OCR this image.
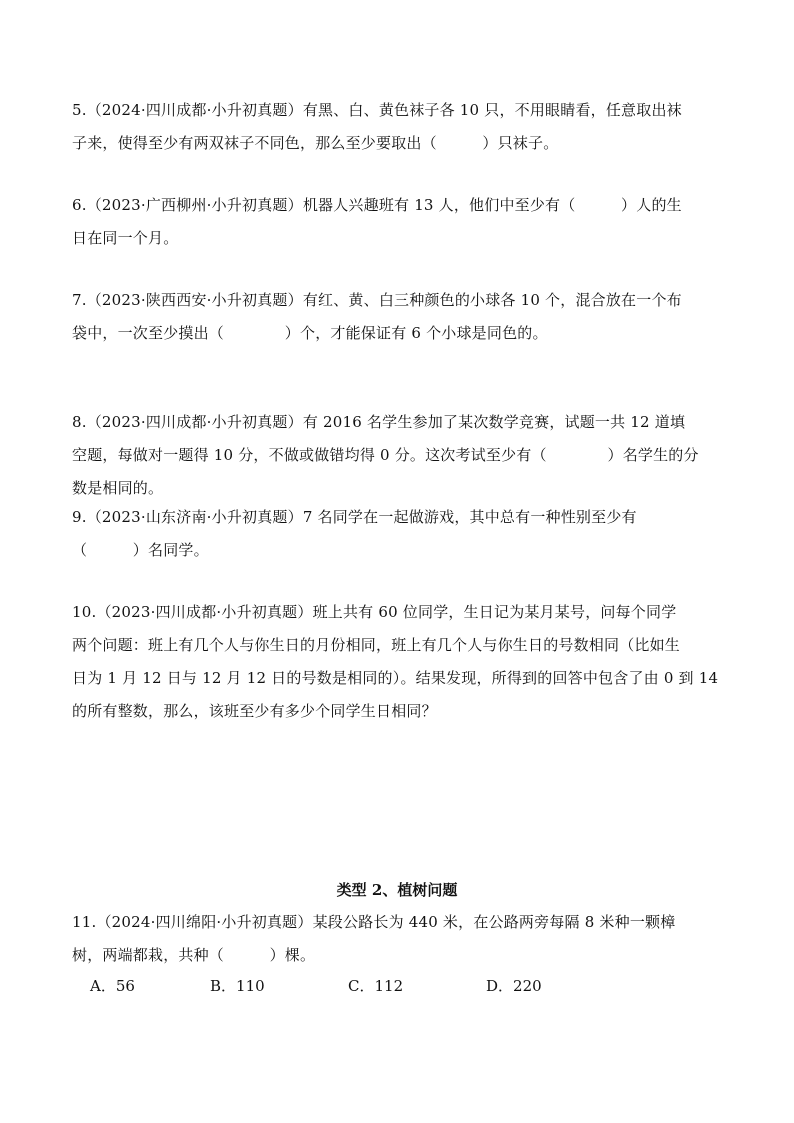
5.（2024·四川成都·小升初真题）有黑、白、黄色袜子各 10 只，不用眼睛看，任意取出袜
子来，使得至少有两双袜子不同色，那么至少要取出（　　　）只袜子。
6.（2023·广西柳州·小升初真题）机器人兴趣班有 13 人，他们中至少有（　　　）人的生
日在同一个月。
7.（2023·陕西西安·小升初真题）有红、黄、白三种颜色的小球各 10 个，混合放在一个布
袋中，一次至少摸出（　　　　）个，才能保证有 6 个小球是同色的。
8.（2023·四川成都·小升初真题）有 2016 名学生参加了某次数学竞赛，试题一共 12 道填
空题，每做对一题得 10 分，不做或做错均得 0 分。这次考试至少有（　　　　）名学生的分
数是相同的。
9.（2023·山东济南·小升初真题）7 名同学在一起做游戏，其中总有一种性别至少有
（　　　）名同学。
10.（2023·四川成都·小升初真题）班上共有 60 位同学，生日记为某月某号，问每个同学
两个问题：班上有几个人与你生日的月份相同，班上有几个人与你生日的号数相同（比如生
日为 1 月 12 日与 12 月 12 日的号数是相同的）。结果发现，所得到的回答中包含了由 0 到 14
的所有整数，那么，该班至少有多少个同学生日相同？
类型 2、植树问题
11.（2024·四川绵阳·小升初真题）某段公路长为 440 米，在公路两旁每隔 8 米种一颗樟
树，两端都栽，共种（　　　）棵。
A．56	B．110	C．112	D．220
